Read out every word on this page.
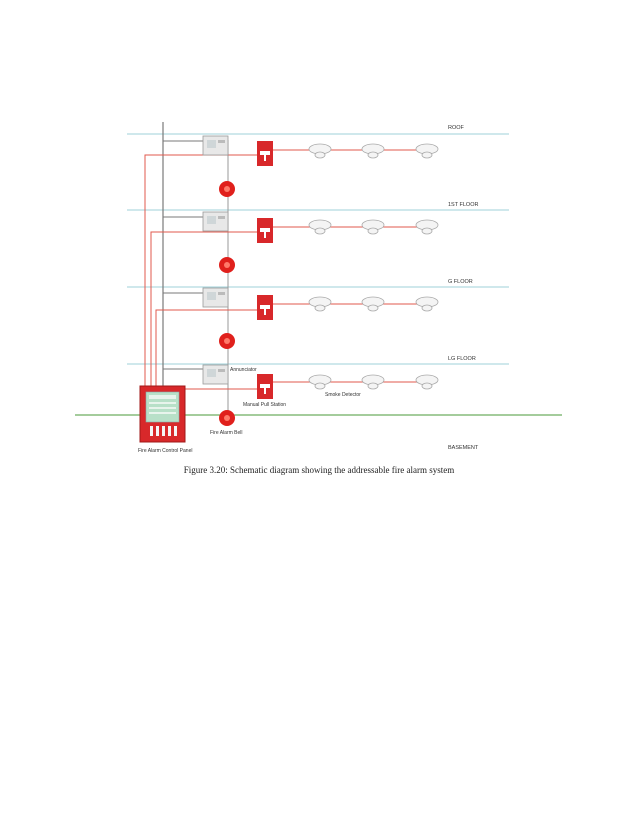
ROOF
1ST FLOOR
G FLOOR
LG FLOOR
BASEMENT
Annunciator
Manual Pull Station
Smoke Detector
Fire Alarm Bell
Fire Alarm Control Panel
Figure 3.20: Schematic diagram showing the addressable fire alarm system
